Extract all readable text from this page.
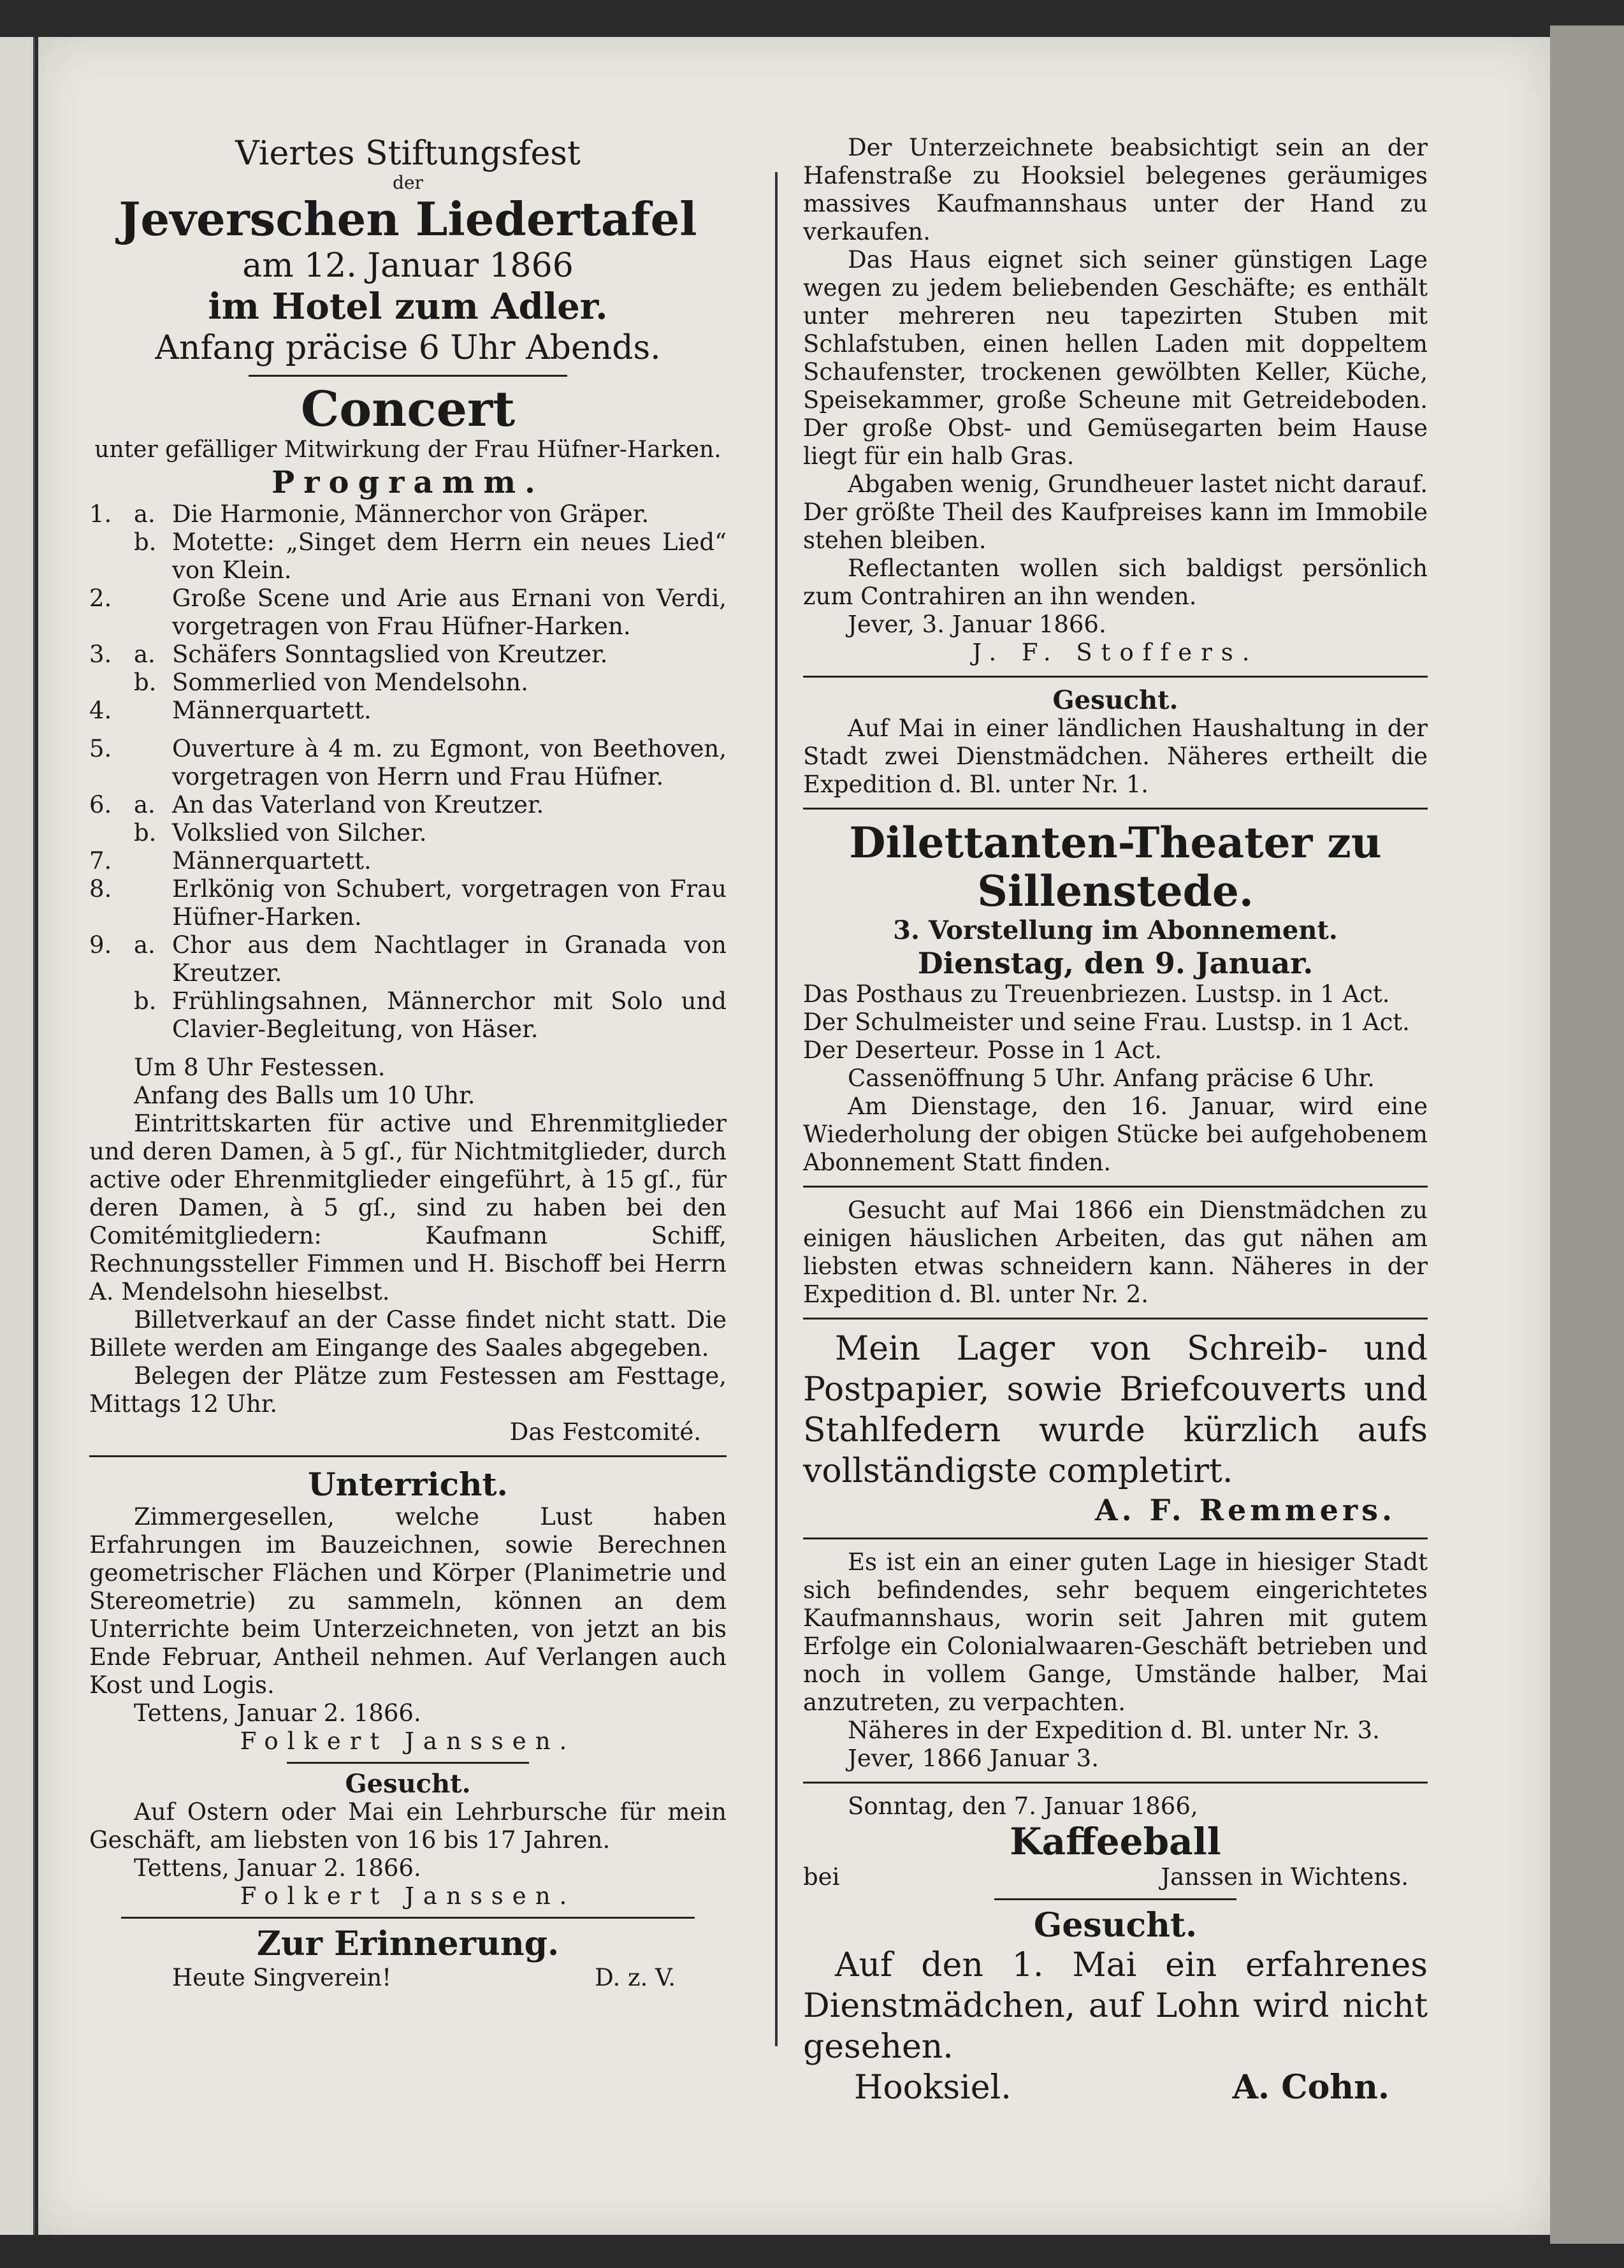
Viertes Stiftungsfest

der

Jeverschen Liedertafel

am 12. Januar 1866

im Hotel zum Adler.

Anfang präcise 6 Uhr Abends.

Concert

unter gefälliger Mitwirkung der Frau Hüfner-Harken.

Programm.

1. a. Die Harmonie, Männerchor von Gräper.
b. Motette: „Singet dem Herrn ein neues Lied“ von Klein.
2.	Große Scene und Arie aus Ernani von Verdi, vorgetragen von Frau Hüfner-Harken.
3. a. Schäfers Sonntagslied von Kreutzer.
b. Sommerlied von Mendelsohn.
4.	Männerquartett.
5.	Ouverture à 4 m. zu Egmont, von Beethoven, vorgetragen von Herrn und Frau Hüfner.
6. a. An das Vaterland von Kreutzer.
b. Volkslied von Silcher.
7.	Männerquartett.
8.	Erlkönig von Schubert, vorgetragen von Frau Hüfner-Harken.
9. a. Chor aus dem Nachtlager in Granada von Kreutzer.
b. Frühlingsahnen, Männerchor mit Solo und Clavier-Begleitung, von Häser.

Um 8 Uhr Festessen.

Anfang des Balls um 10 Uhr.

Eintrittskarten für active und Ehrenmitglieder und deren Damen, à 5 gſ., für Nichtmitglieder, durch active oder Ehrenmitglieder eingeführt, à 15 gſ., für deren Damen, à 5 gſ., sind zu haben bei den Comitémitgliedern: Kaufmann Schiff, Rechnungssteller Fimmen und H. Bischoff bei Herrn A. Mendelsohn hieselbst.

Billetverkauf an der Casse findet nicht statt. Die Billete werden am Eingange des Saales abgegeben.

Belegen der Plätze zum Festessen am Festtage, Mittags 12 Uhr.

Das Festcomité.

Unterricht.

Zimmergesellen, welche Lust haben Erfahrungen im Bauzeichnen, sowie Berechnen geometrischer Flächen und Körper (Planimetrie und Stereometrie) zu sammeln, können an dem Unterrichte beim Unterzeichneten, von jetzt an bis Ende Februar, Antheil nehmen. Auf Verlangen auch Kost und Logis.

Tettens, Januar 2. 1866.

Folkert Janssen.

Gesucht.

Auf Ostern oder Mai ein Lehrbursche für mein Geschäft, am liebsten von 16 bis 17 Jahren.

Tettens, Januar 2. 1866.

Folkert Janssen.

Zur Erinnerung.

Heute Singverein!	D. z. V.

Der Unterzeichnete beabsichtigt sein an der Hafenstraße zu Hooksiel belegenes geräumiges massives Kaufmannshaus unter der Hand zu verkaufen.

Das Haus eignet sich seiner günstigen Lage wegen zu jedem beliebenden Geschäfte; es enthält unter mehreren neu tapezirten Stuben mit Schlafstuben, einen hellen Laden mit doppeltem Schaufenster, trockenen gewölbten Keller, Küche, Speisekammer, große Scheune mit Getreideboden. Der große Obst- und Gemüsegarten beim Hause liegt für ein halb Gras.

Abgaben wenig, Grundheuer lastet nicht darauf. Der größte Theil des Kaufpreises kann im Immobile stehen bleiben.

Reflectanten wollen sich baldigst persönlich zum Contrahiren an ihn wenden.

Jever, 3. Januar 1866.

J. F. Stoffers.

Gesucht.

Auf Mai in einer ländlichen Haushaltung in der Stadt zwei Dienstmädchen. Näheres ertheilt die Expedition d. Bl. unter Nr. 1.

Dilettanten-Theater zu

Sillenstede.

3. Vorstellung im Abonnement.

Dienstag, den 9. Januar.

Das Posthaus zu Treuenbriezen. Lustsp. in 1 Act.

Der Schulmeister und seine Frau. Lustsp. in 1 Act.

Der Deserteur. Posse in 1 Act.

Cassenöffnung 5 Uhr. Anfang präcise 6 Uhr.

Am Dienstage, den 16. Januar, wird eine Wiederholung der obigen Stücke bei aufgehobenem Abonnement Statt finden.

Gesucht auf Mai 1866 ein Dienstmädchen zu einigen häuslichen Arbeiten, das gut nähen am liebsten etwas schneidern kann. Näheres in der Expedition d. Bl. unter Nr. 2.

Mein Lager von Schreib- und Postpapier, sowie Briefcouverts und Stahlfedern wurde kürzlich aufs vollständigste completirt.

A. F. Remmers.

Es ist ein an einer guten Lage in hiesiger Stadt sich befindendes, sehr bequem eingerichtetes Kaufmannshaus, worin seit Jahren mit gutem Erfolge ein Colonialwaaren-Geschäft betrieben und noch in vollem Gange, Umstände halber, Mai anzutreten, zu verpachten.

Näheres in der Expedition d. Bl. unter Nr. 3.

Jever, 1866 Januar 3.

Sonntag, den 7. Januar 1866,

Kaffeeball

bei	Janssen in Wichtens.

Gesucht.

Auf den 1. Mai ein erfahrenes Dienstmädchen, auf Lohn wird nicht gesehen.

Hooksiel.	A. Cohn.
